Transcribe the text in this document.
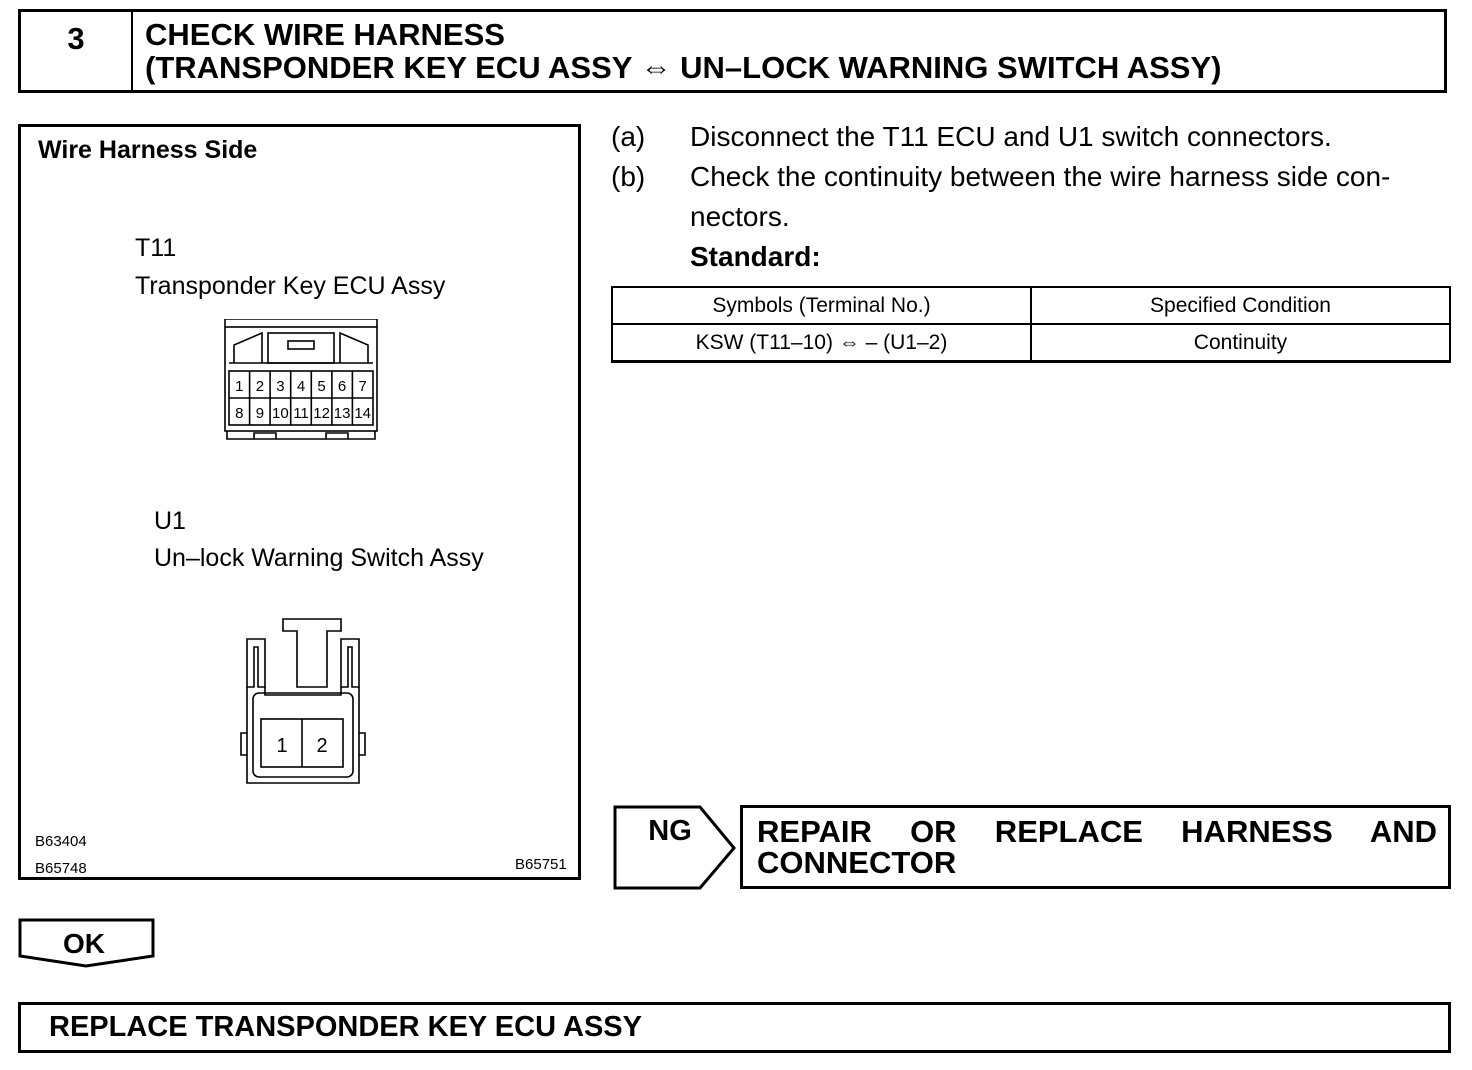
3	CHECK WIRE HARNESS
(TRANSPONDER KEY ECU ASSY ⇔ UN–LOCK WARNING SWITCH ASSY)
Wire Harness Side
T11
Transponder Key ECU Assy
1 2 3 4 5 6 7
8 9 10 11 12 13 14
U1
Un–lock Warning Switch Assy
1 2
B63404
B65748	B65751
(a) Disconnect the T11 ECU and U1 switch connectors.
(b) Check the continuity between the wire harness side con-
nectors.
Standard:
Symbols (Terminal No.)	Specified Condition
KSW (T11–10) ⇔ – (U1–2)	Continuity
NG REPAIR OR REPLACE HARNESS AND CONNECTOR
OK
REPLACE TRANSPONDER KEY ECU ASSY
